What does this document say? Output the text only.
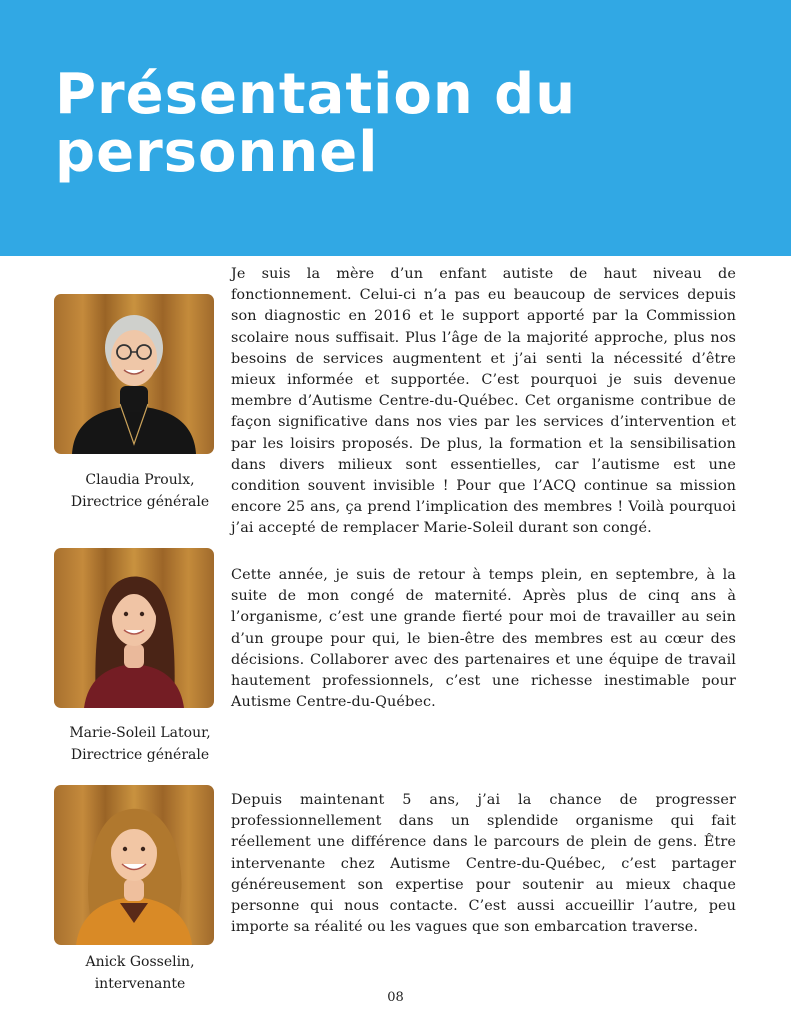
Présentation du
personnel
Claudia Proulx,
Directrice générale

Je suis la mère d’un enfant autiste de haut niveau de fonctionnement. Celui-ci n’a pas eu beaucoup de services depuis son diagnostic en 2016 et le support apporté par la Commission scolaire nous suffisait. Plus l’âge de la majorité approche, plus nos besoins de services augmentent et j’ai senti la nécessité d’être mieux informée et supportée. C’est pourquoi je suis devenue membre d’Autisme Centre-du-Québec. Cet organisme contribue de façon significative dans nos vies par les services d’intervention et par les loisirs proposés. De plus, la formation et la sensibilisation dans divers milieux sont essentielles, car l’autisme est une condition souvent invisible ! Pour que l’ACQ continue sa mission encore 25 ans, ça prend l’implication des membres ! Voilà pourquoi j’ai accepté de remplacer Marie-Soleil durant son congé.

Marie-Soleil Latour,
Directrice générale

Cette année, je suis de retour à temps plein, en septembre, à la suite de mon congé de maternité. Après plus de cinq ans à l’organisme, c’est une grande fierté pour moi de travailler au sein d’un groupe pour qui, le bien-être des membres est au cœur des décisions. Collaborer avec des partenaires et une équipe de travail hautement professionnels, c’est une richesse inestimable pour Autisme Centre-du-Québec.

Anick Gosselin,
intervenante

Depuis maintenant 5 ans, j’ai la chance de progresser professionnellement dans un splendide organisme qui fait réellement une différence dans le parcours de plein de gens. Être intervenante chez Autisme Centre-du-Québec, c’est partager généreusement son expertise pour soutenir au mieux chaque personne qui nous contacte. C’est aussi accueillir l’autre, peu importe sa réalité ou les vagues que son embarcation traverse.

08
